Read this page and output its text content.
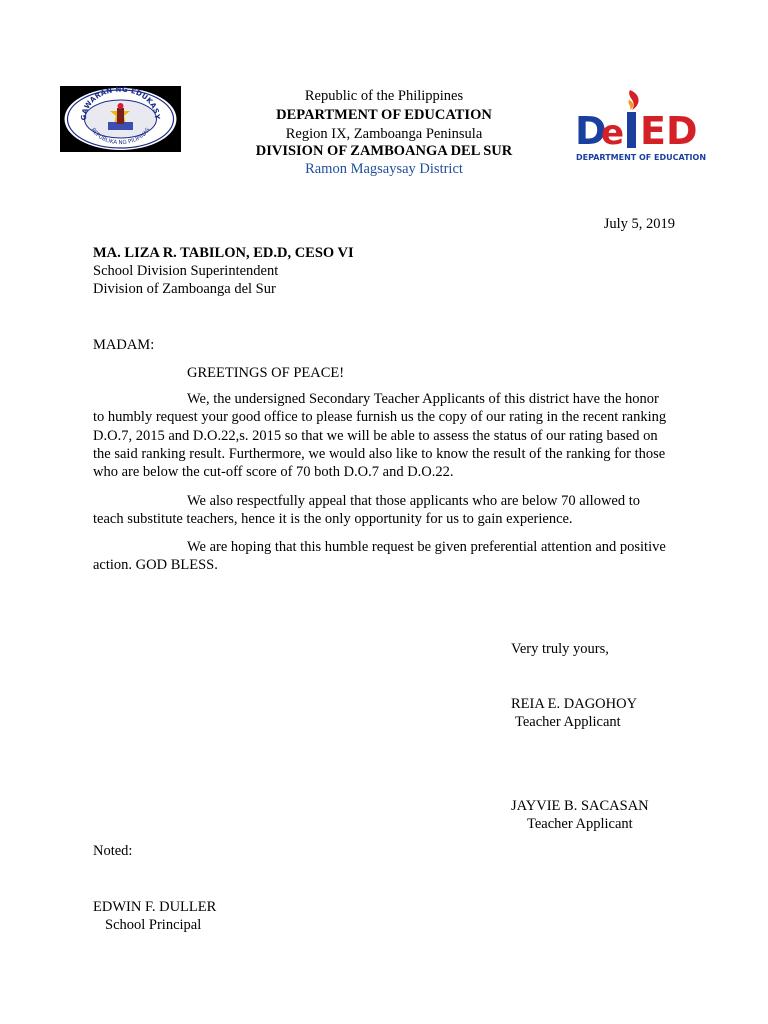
GAWARAN NG EDUKASY
REPUBLIKA NG PILIPINAS	D
e ED
DEPARTMENT OF EDUCATION
Republic of the Philippines
DEPARTMENT OF EDUCATION
Region IX, Zamboanga Peninsula
DIVISION OF ZAMBOANGA DEL SUR
Ramon Magsaysay District
July 5, 2019
MA. LIZA R. TABILON, ED.D, CESO VI
School Division Superintendent
Division of Zamboanga del Sur
MADAM:
GREETINGS OF PEACE!
We, the undersigned Secondary Teacher Applicants of this district have the honor to humbly request your good office to please furnish us the copy of our rating in the recent ranking D.O.7, 2015 and D.O.22,s. 2015 so that we will be able to assess the status of our rating based on the said ranking result. Furthermore, we would also like to know the result of the ranking for those who are below the cut-off score of 70 both D.O.7 and D.O.22.
We also respectfully appeal that those applicants who are below 70 allowed to teach substitute teachers, hence it is the only opportunity for us to gain experience.
We are hoping that this humble request be given preferential attention and positive action. GOD BLESS.
Very truly yours,
REIA E. DAGOHOY
Teacher Applicant
JAYVIE B. SACASAN
Teacher Applicant
Noted:
EDWIN F. DULLER
School Principal
